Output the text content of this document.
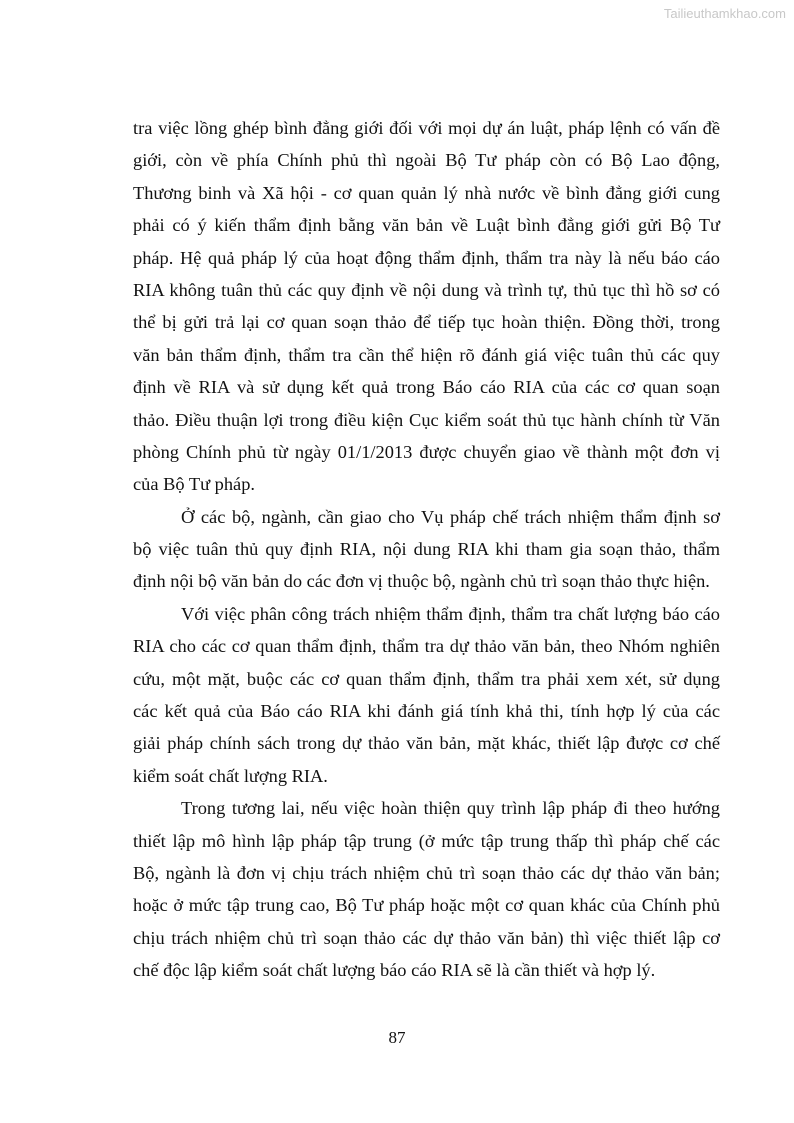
Tailieuthamkhao.com
tra việc lồng ghép bình đẳng giới đối với mọi dự án luật, pháp lệnh có vấn đề
giới, còn về phía Chính phủ thì ngoài Bộ Tư pháp còn có Bộ Lao động,
Thương binh và Xã hội - cơ quan quản lý nhà nước về bình đẳng giới cung
phải có ý kiến thẩm định bằng văn bản về Luật bình đẳng giới gửi Bộ Tư
pháp. Hệ quả pháp lý của hoạt động thẩm định, thẩm tra này là nếu báo cáo
RIA không tuân thủ các quy định về nội dung và trình tự, thủ tục thì hồ sơ có
thể bị gửi trả lại cơ quan soạn thảo để tiếp tục hoàn thiện. Đồng thời, trong
văn bản thẩm định, thẩm tra cần thể hiện rõ đánh giá việc tuân thủ các quy
định về RIA và sử dụng kết quả trong Báo cáo RIA của các cơ quan soạn
thảo. Điều thuận lợi trong điều kiện Cục kiểm soát thủ tục hành chính từ Văn
phòng Chính phủ từ ngày 01/1/2013 được chuyển giao về thành một đơn vị
của Bộ Tư pháp.
Ở các bộ, ngành, cần giao cho Vụ pháp chế trách nhiệm thẩm định sơ
bộ việc tuân thủ quy định RIA, nội dung RIA khi tham gia soạn thảo, thẩm
định nội bộ văn bản do các đơn vị thuộc bộ, ngành chủ trì soạn thảo thực hiện.
Với việc phân công trách nhiệm thẩm định, thẩm tra chất lượng báo cáo
RIA cho các cơ quan thẩm định, thẩm tra dự thảo văn bản, theo Nhóm nghiên
cứu, một mặt, buộc các cơ quan thẩm định, thẩm tra phải xem xét, sử dụng
các kết quả của Báo cáo RIA khi đánh giá tính khả thi, tính hợp lý của các
giải pháp chính sách trong dự thảo văn bản, mặt khác, thiết lập được cơ chế
kiểm soát chất lượng RIA.
Trong tương lai, nếu việc hoàn thiện quy trình lập pháp đi theo hướng
thiết lập mô hình lập pháp tập trung (ở mức tập trung thấp thì pháp chế các
Bộ, ngành là đơn vị chịu trách nhiệm chủ trì soạn thảo các dự thảo văn bản;
hoặc ở mức tập trung cao, Bộ Tư pháp hoặc một cơ quan khác của Chính phủ
chịu trách nhiệm chủ trì soạn thảo các dự thảo văn bản) thì việc thiết lập cơ
chế độc lập kiểm soát chất lượng báo cáo RIA sẽ là cần thiết và hợp lý.
87
